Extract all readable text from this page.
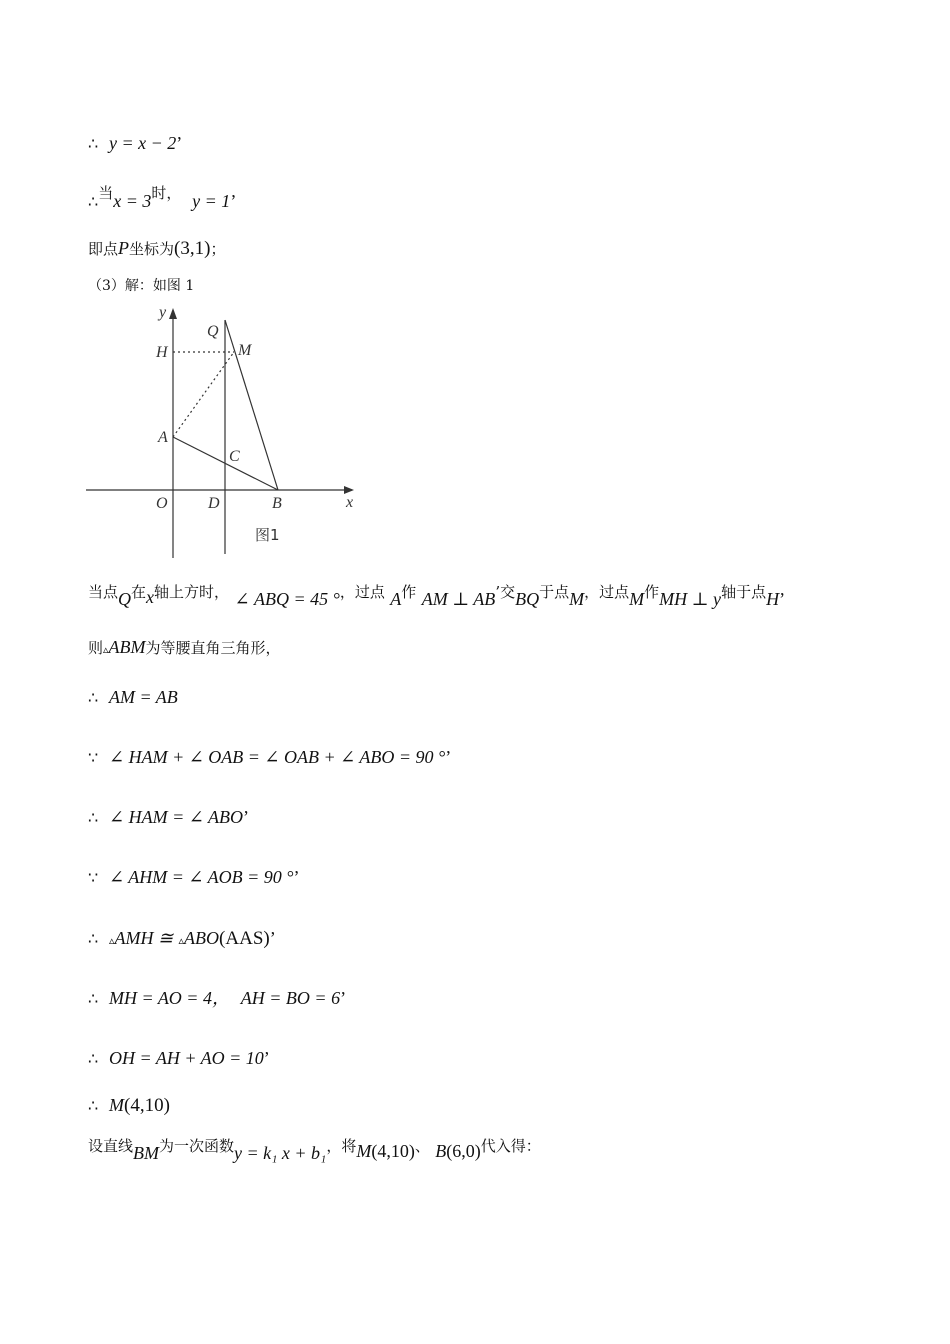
∴ y = x − 2’
∴当x = 3时， y = 1’
即点P坐标为(3,1)；
（3）解：如图 1
y
x
Q
H	M
A
C
O	D	B
图1
当点Q在x轴上方时， ∠ ABQ = 45 °，过点 A作 AM ⊥ AB’交BQ于点M，过点M作MH ⊥ y轴于点H’
则▵ABM为等腰直角三角形，
∴ AM = AB
∵ ∠ HAM + ∠ OAB = ∠ OAB + ∠ ABO = 90 °’
∴ ∠ HAM = ∠ ABO’
∵ ∠ AHM = ∠ AOB = 90 °’
∴ ▵AMH ≅ ▵ABO(AAS)’
∴ MH = AO = 4， AH = BO = 6’
∴ OH = AH + AO = 10’
∴ M(4,10)
设直线BM为一次函数y = k₁ x + b₁，将M(4,10)、 B(6,0)代入得：
